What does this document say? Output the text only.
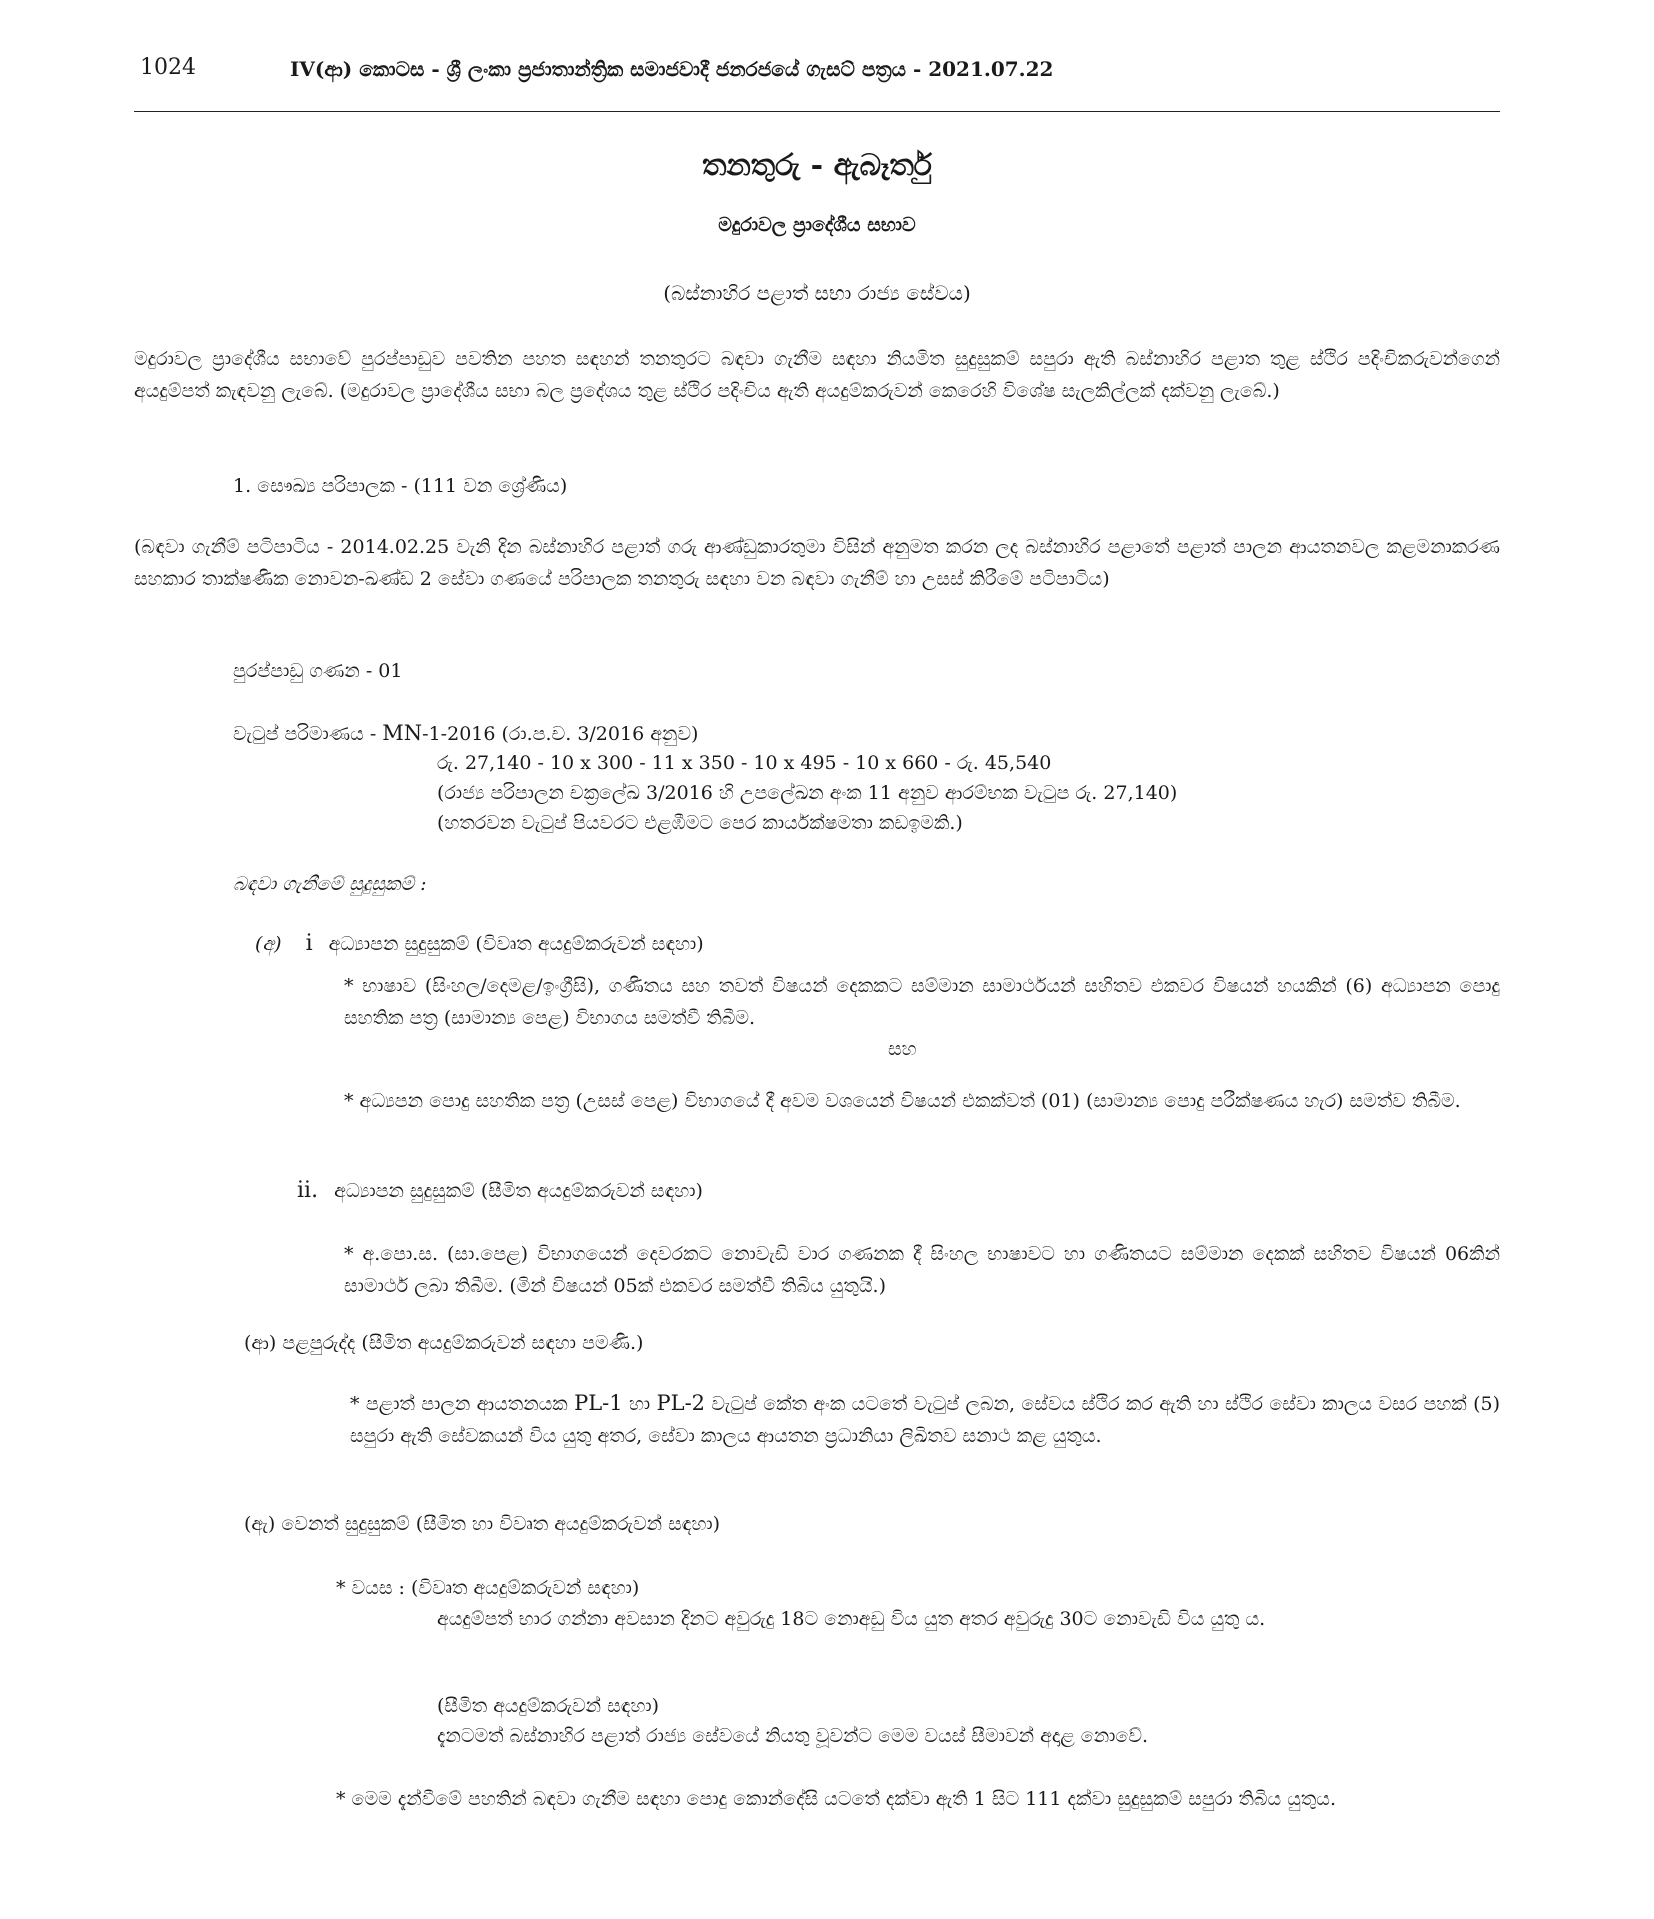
1024	IV(ආ) කොටස - ශ්‍රී ලංකා ප්‍රජාතාන්ත්‍රික සමාජවාදී ජනරජයේ ගැසට් පත්‍රය - 2021.07.22
තනතුරු - ඇබෑර්තු
මදුරාවල ප්‍රාදේශීය සභාව
(බස්නාහිර පළාත් සභා රාජ්‍ය සේවය)
මදුරාවල ප්‍රාදේශීය සභාවේ පුරප්පාඩුව පවතින පහත සඳහන් තනතුරට බඳවා ගැනීම සඳහා නියමිත සුදුසුකම් සපුරා ඇති බස්නාහිර පළාත තුළ ස්ථිර පදිංචිකරුවන්ගෙන් අයදුම්පත් කැඳවනු ලැබේ. (මදුරාවල ප්‍රාදේශීය සභා බල ප්‍රදේශය තුළ ස්ථිර පදිංචිය ඇති අයදුම්කරුවන් කෙරෙහි විශේෂ සැලකිල්ලක් දක්වනු ලැබේ.)
1. සෞඛ්‍ය පරිපාලක - (111 වන ශ්‍රේණිය)
(බඳවා ගැනීම් පටිපාටිය - 2014.02.25 වැනි දින බස්නාහිර පළාත් ගරු ආණ්ඩුකාරතුමා විසින් අනුමත කරන ලද බස්නාහිර පළාතේ පළාත් පාලන ආයතනවල කළමනාකරණ සහකාර තාක්ෂණික නොවන-ඛණ්ඩ 2 සේවා ගණයේ පරිපාලක තනතුරු සඳහා වන බඳවා ගැනීම් හා උසස් කිරීමේ පටිපාටිය)
පුරප්පාඩු ගණන - 01
වැටුප් පරිමාණය - MN-1-2016 (රා.ප.ච. 3/2016 අනුව)
රු. 27,140 - 10 x 300 - 11 x 350 - 10 x 495 - 10 x 660 - රු. 45,540
(රාජ්‍ය පරිපාලන චක්‍රලේඛ 3/2016 හි උපලේඛන අංක 11 අනුව ආරම්භක වැටුප රු. 27,140)
(හතරවන වැටුප් පියවරට එළඹීමට පෙර කාර්යක්ෂමතා කඩඉමකි.)
බඳවා ගැනීමේ සුදුසුකම් :
(අ) i අධ්‍යාපන සුදුසුකම් (විවෘත අයදුම්කරුවන් සඳහා)
* භාෂාව (සිංහල/දෙමළ/ඉංග්‍රීසි), ගණිතය සහ තවත් විෂයන් දෙකකට සම්මාන සාමාර්ථයන් සහිතව එකවර විෂයන් හයකින් (6) අධ්‍යාපන පොදු සහතික පත්‍ර (සාමාන්‍ය පෙළ) විභාගය සමත්වී තිබීම.
සහ
* අධ්‍යපන පොදු සහතික පත්‍ර (උසස් පෙළ) විභාගයේ දී අවම වශයෙන් විෂයන් එකක්වත් (01) (සාමාන්‍ය පොදු පරීක්ෂණය හැර) සමත්ව තිබීම.
ii. අධ්‍යාපන සුදුසුකම් (සීමිත අයදුම්කරුවන් සඳහා)
* අ.පො.ස. (සා.පෙළ) විභාගයෙන් දෙවරකට නොවැඩි වාර ගණනක දී සිංහල භාෂාවට හා ගණිතයට සම්මාන දෙකක් සහිතව විෂයන් 06කින් සාමාර්ථ ලබා තිබීම. (මින් විෂයන් 05ක් එකවර සමත්වී තිබිය යුතුයි.)
(ආ) පළපුරුද්ද (සීමිත අයදුම්කරුවන් සඳහා පමණි.)
* පළාත් පාලන ආයතනයක PL-1 හා PL-2 වැටුප් කේත අංක යටතේ වැටුප් ලබන, සේවය ස්ථිර කර ඇති හා ස්ථිර සේවා කාලය වසර පහක් (5) සපුරා ඇති සේවකයන් විය යුතු අතර, සේවා කාලය ආයතන ප්‍රධානියා ලිඛිතව සනාථ කළ යුතුය.
(ඇ) වෙනත් සුදුසුකම් (සීමිත හා විවෘත අයදුම්කරුවන් සඳහා)
* වයස : (විවෘත අයදුම්කරුවන් සඳහා)
අයදුම්පත් භාර ගන්නා අවසාන දිනට අවුරුදු 18ට නොඅඩු විය යුත අතර අවුරුදු 30ට නොවැඩි විය යුතු ය.
(සීමිත අයදුම්කරුවන් සඳහා)
දැනටමත් බස්නාහිර පළාත් රාජ්‍ය සේවයේ නියතු වූවන්ට මෙම වයස් සීමාවන් අදාළ නොවේ.
* මෙම දැන්වීමේ පහතින් බඳවා ගැනීම සඳහා පොදු කොන්දේසි යටතේ දක්වා ඇති 1 සිට 111 දක්වා සුදුසුකම් සපුරා තිබිය යුතුය.
